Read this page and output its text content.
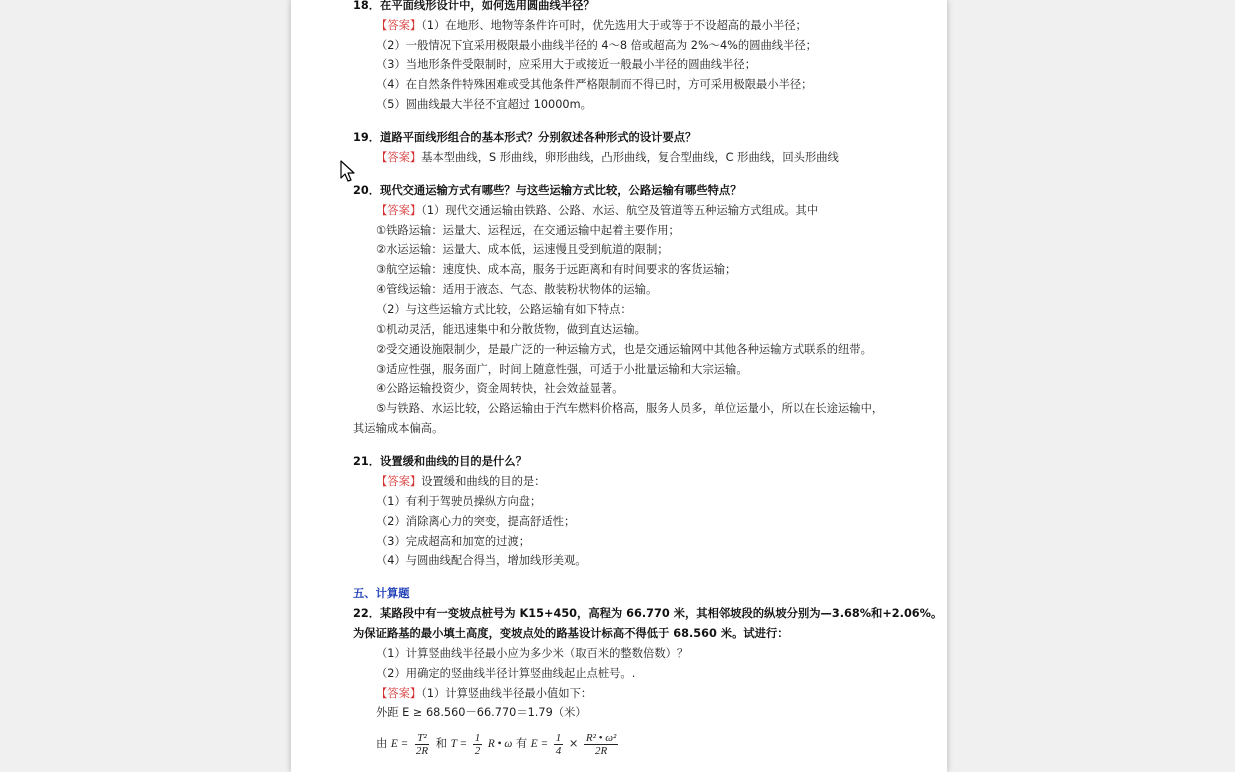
18．在平面线形设计中，如何选用圆曲线半径？
【答案】（1）在地形、地物等条件许可时，优先选用大于或等于不设超高的最小半径；
（2）一般情况下宜采用极限最小曲线半径的 4～8 倍或超高为 2%～4%的圆曲线半径；
（3）当地形条件受限制时，应采用大于或接近一般最小半径的圆曲线半径；
（4）在自然条件特殊困难或受其他条件严格限制而不得已时，方可采用极限最小半径；
（5）圆曲线最大半径不宜超过 10000m。
19．道路平面线形组合的基本形式？分别叙述各种形式的设计要点？
【答案】基本型曲线，S 形曲线，卵形曲线，凸形曲线，复合型曲线，C 形曲线，回头形曲线
20．现代交通运输方式有哪些？与这些运输方式比较，公路运输有哪些特点？
【答案】（1）现代交通运输由铁路、公路、水运、航空及管道等五种运输方式组成。其中
①铁路运输：运量大、运程远，在交通运输中起着主要作用；
②水运运输：运量大、成本低，运速慢且受到航道的限制；
③航空运输：速度快、成本高，服务于远距离和有时间要求的客货运输；
④管线运输：适用于液态、气态、散装粉状物体的运输。
（2）与这些运输方式比较，公路运输有如下特点：
①机动灵活，能迅速集中和分散货物，做到直达运输。
②受交通设施限制少，是最广泛的一种运输方式，也是交通运输网中其他各种运输方式联系的纽带。
③适应性强，服务面广，时间上随意性强，可适于小批量运输和大宗运输。
④公路运输投资少，资金周转快，社会效益显著。
⑤与铁路、水运比较，公路运输由于汽车燃料价格高，服务人员多，单位运量小，所以在长途运输中，
其运输成本偏高。
21．设置缓和曲线的目的是什么？
【答案】设置缓和曲线的目的是：
（1）有利于驾驶员操纵方向盘；
（2）消除离心力的突变，提高舒适性；
（3）完成超高和加宽的过渡；
（4）与圆曲线配合得当，增加线形美观。
五、计算题
22．某路段中有一变坡点桩号为 K15+450，高程为 66.770 米，其相邻坡段的纵坡分别为—3.68%和+2.06%。
为保证路基的最小填土高度，变坡点处的路基设计标高不得低于 68.560 米。试进行：
（1）计算竖曲线半径最小应为多少米（取百米的整数倍数）？
（2）用确定的竖曲线半径计算竖曲线起止点桩号。.
【答案】（1）计算竖曲线半径最小值如下：
外距 E ≥ 68.560－66.770＝1.79（米）
由 $E = \frac{\text{T²}}{2R}$ 和 $T = \frac{1}{2}$ R • ω 有 $E = \frac{1}{4} \times \frac{\text{R² • ω²}}{2R}$
